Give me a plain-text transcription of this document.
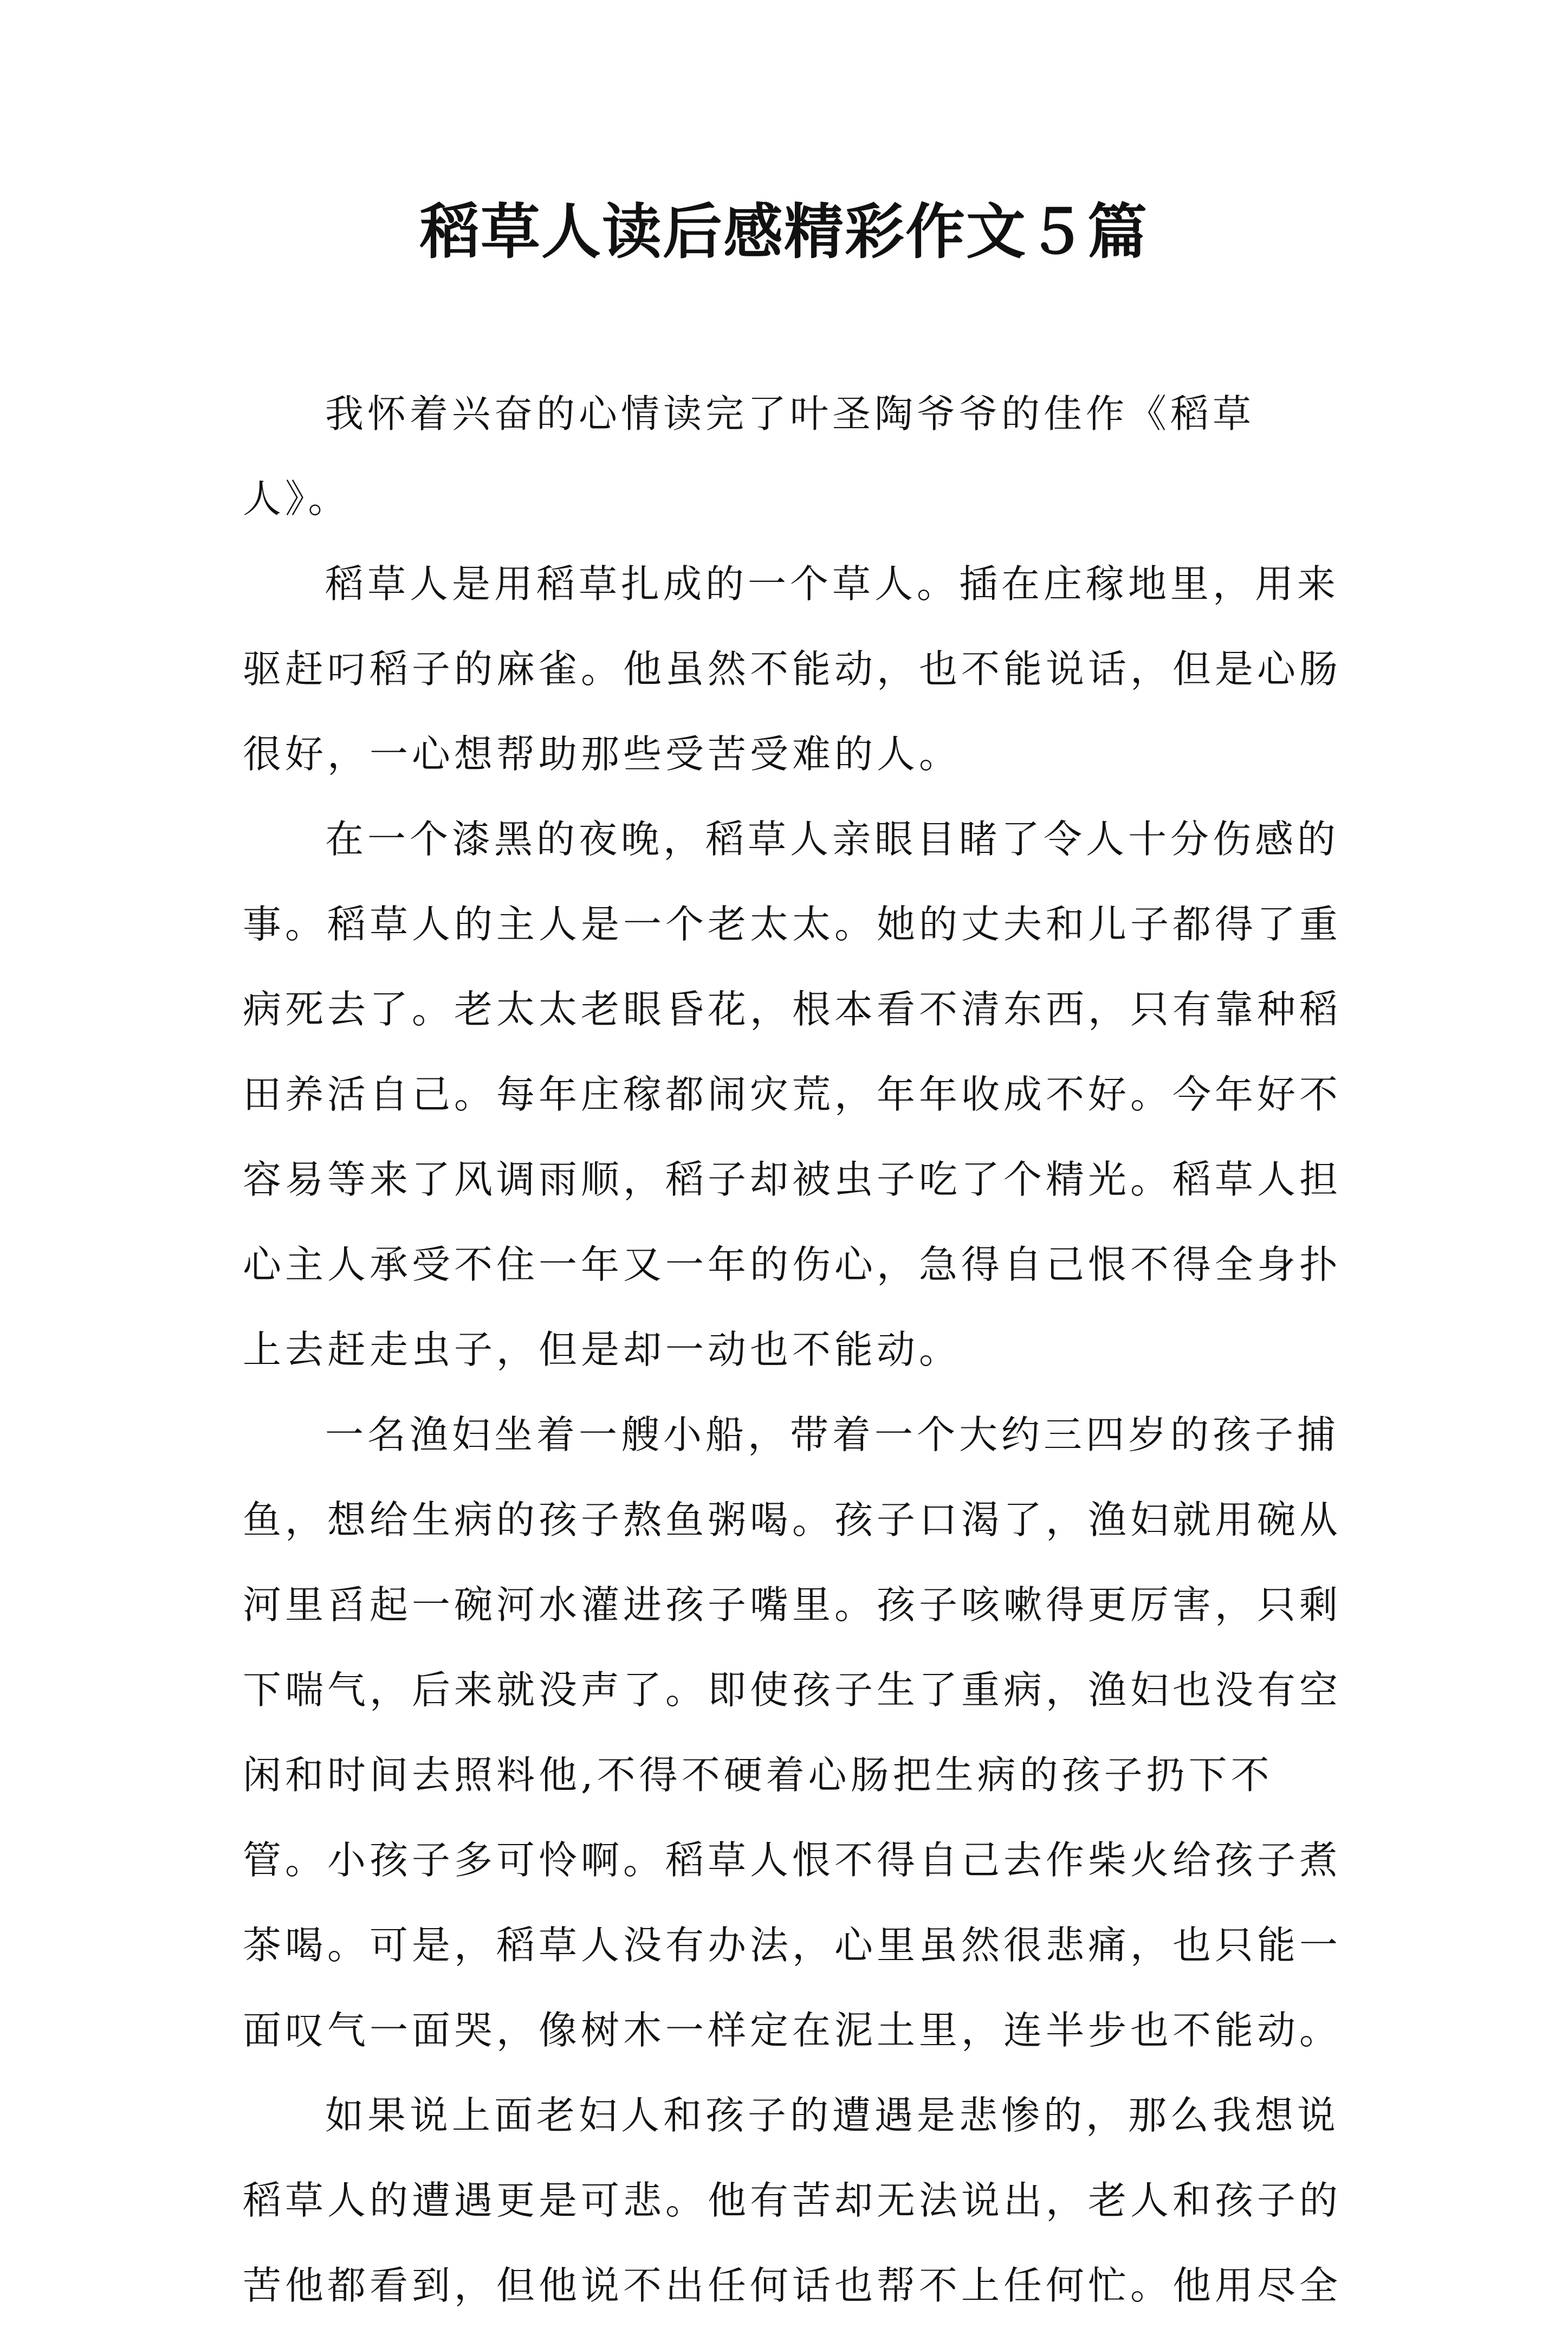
稻草人读后感精彩作文５篇

我怀着兴奋的心情读完了叶圣陶爷爷的佳作《稻草人》。

稻草人是用稻草扎成的一个草人。插在庄稼地里，用来驱赶叼稻子的麻雀。他虽然不能动，也不能说话，但是心肠很好，一心想帮助那些受苦受难的人。

在一个漆黑的夜晚，稻草人亲眼目睹了令人十分伤感的事。稻草人的主人是一个老太太。她的丈夫和儿子都得了重病死去了。老太太老眼昏花，根本看不清东西，只有靠种稻田养活自己。每年庄稼都闹灾荒，年年收成不好。今年好不容易等来了风调雨顺，稻子却被虫子吃了个精光。稻草人担心主人承受不住一年又一年的伤心，急得自己恨不得全身扑上去赶走虫子，但是却一动也不能动。

一名渔妇坐着一艘小船，带着一个大约三四岁的孩子捕鱼，想给生病的孩子熬鱼粥喝。孩子口渴了，渔妇就用碗从河里舀起一碗河水灌进孩子嘴里。孩子咳嗽得更厉害，只剩下喘气，后来就没声了。即使孩子生了重病，渔妇也没有空闲和时间去照料他,不得不硬着心肠把生病的孩子扔下不管。小孩子多可怜啊。稻草人恨不得自己去作柴火给孩子煮茶喝。可是，稻草人没有办法，心里虽然很悲痛，也只能一面叹气一面哭，像树木一样定在泥土里，连半步也不能动。

如果说上面老妇人和孩子的遭遇是悲惨的，那么我想说稻草人的遭遇更是可悲。他有苦却无法说出，老人和孩子的苦他都看到，但他说不出任何话也帮不上任何忙。他用尽全
